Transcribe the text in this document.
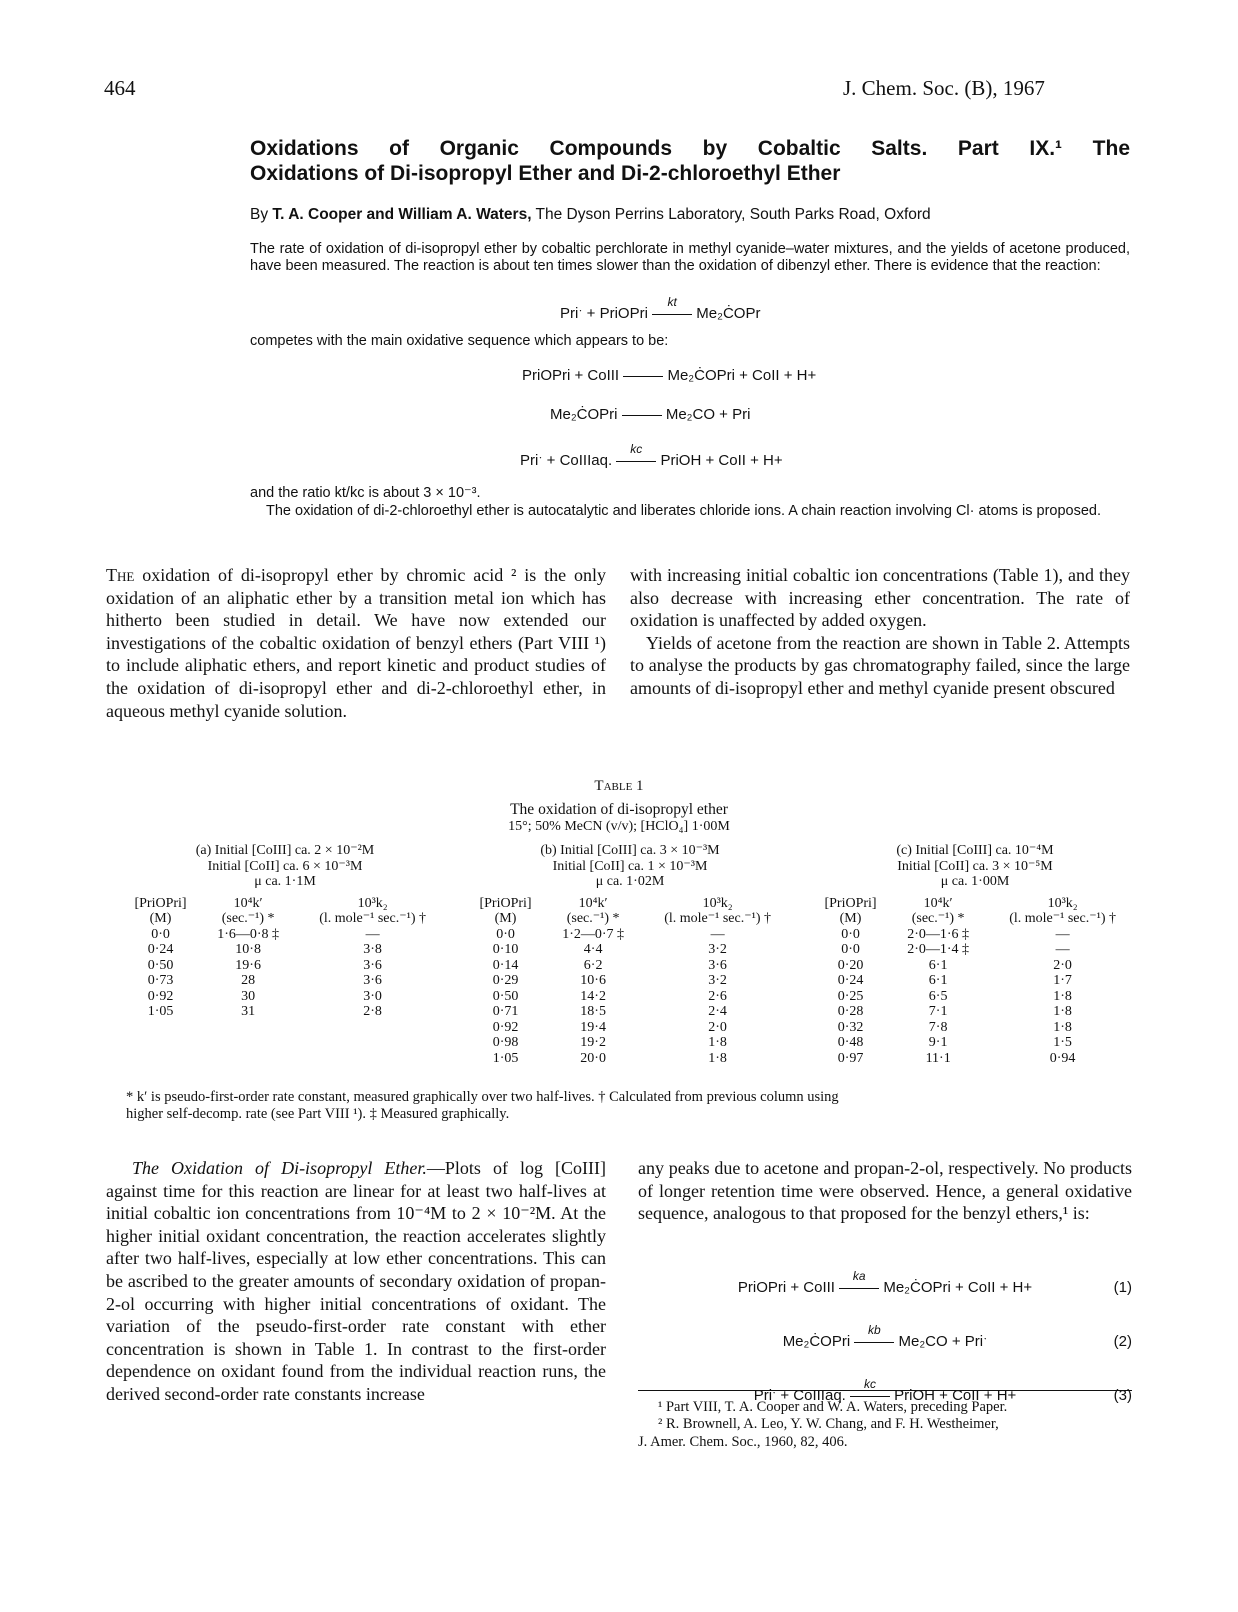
464	J. Chem. Soc. (B), 1967
Oxidations of Organic Compounds by Cobaltic Salts. Part IX.¹ The
Oxidations of Di-isopropyl Ether and Di-2-chloroethyl Ether
By T. A. Cooper and William A. Waters, The Dyson Perrins Laboratory, South Parks Road, Oxford
The rate of oxidation of di-isopropyl ether by cobaltic perchlorate in methyl cyanide–water mixtures, and the yields of acetone produced, have been measured. The reaction is about ten times slower than the oxidation of dibenzyl ether. There is evidence that the reaction:
Priˑ + PriOPri
kt
Me₂ĊOPr
competes with the main oxidative sequence which appears to be:
PriOPri + CoIII	Me₂ĊOPri + CoII + H+
Me₂ĊOPri	Me₂CO + Pri
Priˑ + CoIIIaq.
kc
PriOH + CoII + H+
and the ratio kt/kc is about 3 × 10⁻³.
The oxidation of di-2-chloroethyl ether is autocatalytic and liberates chloride ions. A chain reaction involving Cl· atoms is proposed.
The oxidation of di-isopropyl ether by chromic acid ² is the only oxidation of an aliphatic ether by a transition metal ion which has hitherto been studied in detail. We have now extended our investigations of the cobaltic oxidation of benzyl ethers (Part VIII ¹) to include aliphatic ethers, and report kinetic and product studies of the oxidation of di-isopropyl ether and di-2-chloroethyl ether, in aqueous methyl cyanide solution.
with increasing initial cobaltic ion concentrations (Table 1), and they also decrease with increasing ether concentration. The rate of oxidation is unaffected by added oxygen.
Yields of acetone from the reaction are shown in Table 2. Attempts to analyse the products by gas chromatography failed, since the large amounts of di-isopropyl ether and methyl cyanide present obscured
Table 1
The oxidation of di-isopropyl ether
15°; 50% MeCN (v/v); [HClO₄] 1·00M
(a) Initial [CoIII] ca. 2 × 10⁻²M
Initial [CoII] ca. 6 × 10⁻³M
μ ca. 1·1M
[PriOPri]	10⁴k′	10³k₂
(M)	(sec.⁻¹) *	(l. mole⁻¹ sec.⁻¹) †
0·0	1·6—0·8 ‡	—
0·24	10·8	3·8
0·50	19·6	3·6
0·73	28	3·6
0·92	30	3·0
1·05	31	2·8
(b) Initial [CoIII] ca. 3 × 10⁻³M
Initial [CoII] ca. 1 × 10⁻³M
μ ca. 1·02M
[PriOPri]	10⁴k′	10³k₂
(M)	(sec.⁻¹) *	(l. mole⁻¹ sec.⁻¹) †
0·0	1·2—0·7 ‡	—
0·10	4·4	3·2
0·14	6·2	3·6
0·29	10·6	3·2
0·50	14·2	2·6
0·71	18·5	2·4
0·92	19·4	2·0
0·98	19·2	1·8
1·05	20·0	1·8
(c) Initial [CoIII] ca. 10⁻⁴M
Initial [CoII] ca. 3 × 10⁻⁵M
μ ca. 1·00M
[PriOPri]	10⁴k′	10³k₂
(M)	(sec.⁻¹) *	(l. mole⁻¹ sec.⁻¹) †
0·0	2·0—1·6 ‡	—
0·0	2·0—1·4 ‡	—
0·20	6·1	2·0
0·24	6·1	1·7
0·25	6·5	1·8
0·28	7·1	1·8
0·32	7·8	1·8
0·48	9·1	1·5
0·97	11·1	0·94
* k′ is pseudo-first-order rate constant, measured graphically over two half-lives. † Calculated from previous column using
higher self-decomp. rate (see Part VIII ¹). ‡ Measured graphically.
The Oxidation of Di-isopropyl Ether.—Plots of log [CoIII] against time for this reaction are linear for at least two half-lives at initial cobaltic ion concentrations from 10⁻⁴M to 2 × 10⁻²M. At the higher initial oxidant concentration, the reaction accelerates slightly after two half-lives, especially at low ether concentrations. This can be ascribed to the greater amounts of secondary oxidation of propan-2-ol occurring with higher initial concentrations of oxidant. The variation of the pseudo-first-order rate constant with ether concentration is shown in Table 1. In contrast to the first-order dependence on oxidant found from the individual reaction runs, the derived second-order rate constants increase
any peaks due to acetone and propan-2-ol, respectively. No products of longer retention time were observed. Hence, a general oxidative sequence, analogous to that proposed for the benzyl ethers,¹ is:
PriOPri + CoIII
ka
Me₂ĊOPri + CoII + H+	(1)
Me₂ĊOPri
kb
Me₂CO + Priˑ	(2)
Priˑ + CoIIIaq.
kc
PriOH + CoII + H+	(3)
¹ Part VIII, T. A. Cooper and W. A. Waters, preceding Paper.
² R. Brownell, A. Leo, Y. W. Chang, and F. H. Westheimer,
J. Amer. Chem. Soc., 1960, 82, 406.
